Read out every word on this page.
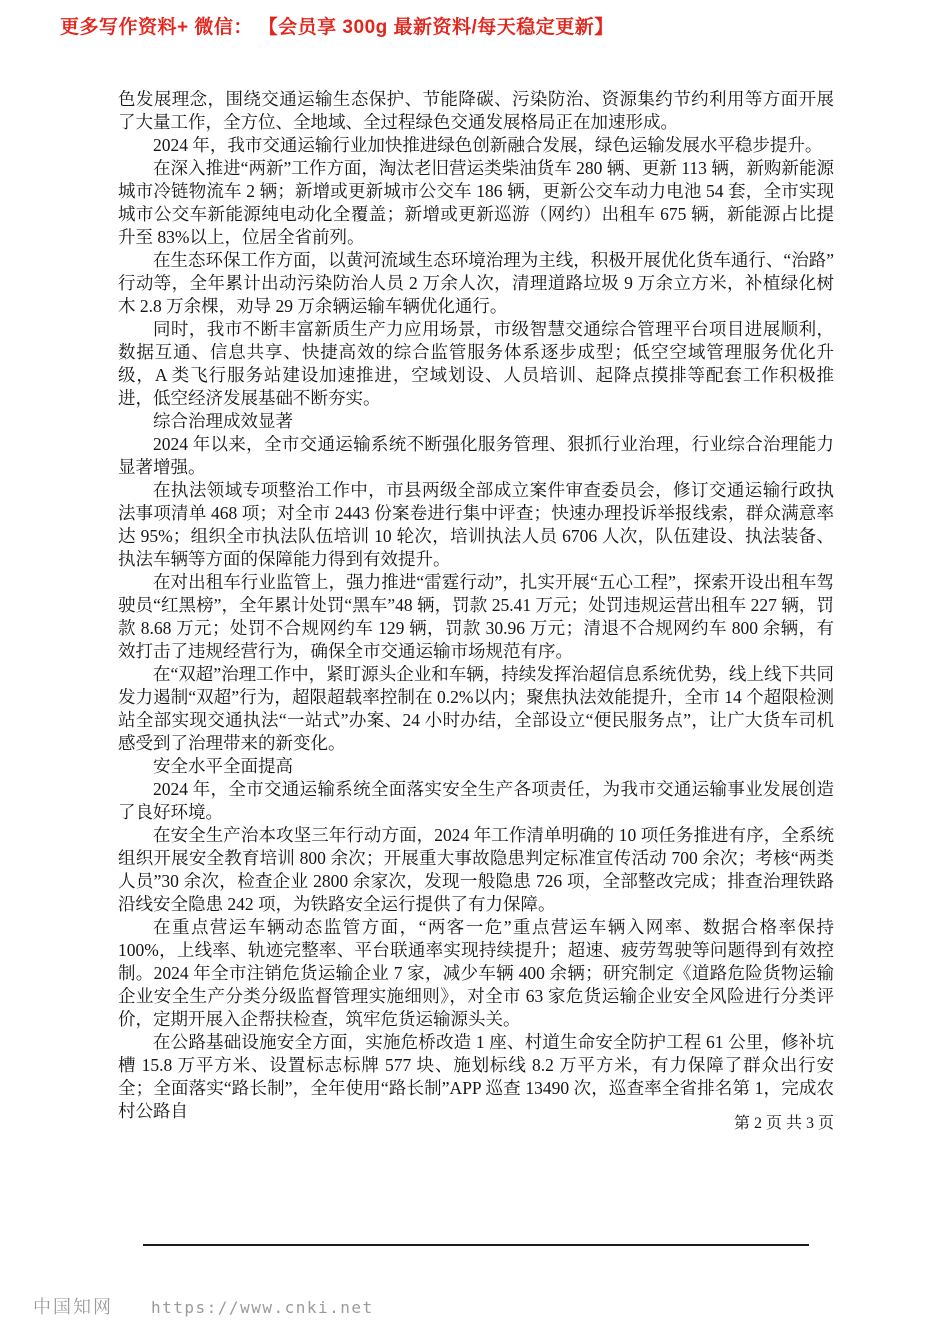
更多写作资料+ 微信： 【会员享 300g 最新资料/每天稳定更新】

色发展理念，围绕交通运输生态保护、节能降碳、污染防治、资源集约节约利用等方面开展了大量工作，全方位、全地域、全过程绿色交通发展格局正在加速形成。

2024 年，我市交通运输行业加快推进绿色创新融合发展，绿色运输发展水平稳步提升。

在深入推进“两新”工作方面，淘汰老旧营运类柴油货车 280 辆、更新 113 辆，新购新能源城市冷链物流车 2 辆；新增或更新城市公交车 186 辆，更新公交车动力电池 54 套，全市实现城市公交车新能源纯电动化全覆盖；新增或更新巡游（网约）出租车 675 辆，新能源占比提升至 83%以上，位居全省前列。

在生态环保工作方面，以黄河流域生态环境治理为主线，积极开展优化货车通行、“治路”行动等，全年累计出动污染防治人员 2 万余人次，清理道路垃圾 9 万余立方米，补植绿化树木 2.8 万余棵，劝导 29 万余辆运输车辆优化通行。

同时，我市不断丰富新质生产力应用场景，市级智慧交通综合管理平台项目进展顺利，数据互通、信息共享、快捷高效的综合监管服务体系逐步成型；低空空域管理服务优化升级，A 类飞行服务站建设加速推进，空域划设、人员培训、起降点摸排等配套工作积极推进，低空经济发展基础不断夯实。

综合治理成效显著

2024 年以来，全市交通运输系统不断强化服务管理、狠抓行业治理，行业综合治理能力显著增强。

在执法领域专项整治工作中，市县两级全部成立案件审查委员会，修订交通运输行政执法事项清单 468 项；对全市 2443 份案卷进行集中评查；快速办理投诉举报线索，群众满意率达 95%；组织全市执法队伍培训 10 轮次，培训执法人员 6706 人次，队伍建设、执法装备、执法车辆等方面的保障能力得到有效提升。

在对出租车行业监管上，强力推进“雷霆行动”，扎实开展“五心工程”，探索开设出租车驾驶员“红黑榜”，全年累计处罚“黑车”48 辆，罚款 25.41 万元；处罚违规运营出租车 227 辆，罚款 8.68 万元；处罚不合规网约车 129 辆，罚款 30.96 万元；清退不合规网约车 800 余辆，有效打击了违规经营行为，确保全市交通运输市场规范有序。

在“双超”治理工作中，紧盯源头企业和车辆，持续发挥治超信息系统优势，线上线下共同发力遏制“双超”行为，超限超载率控制在 0.2%以内；聚焦执法效能提升，全市 14 个超限检测站全部实现交通执法“一站式”办案、24 小时办结，全部设立“便民服务点”，让广大货车司机感受到了治理带来的新变化。

安全水平全面提高

2024 年，全市交通运输系统全面落实安全生产各项责任，为我市交通运输事业发展创造了良好环境。

在安全生产治本攻坚三年行动方面，2024 年工作清单明确的 10 项任务推进有序，全系统组织开展安全教育培训 800 余次；开展重大事故隐患判定标准宣传活动 700 余次；考核“两类人员”30 余次，检查企业 2800 余家次，发现一般隐患 726 项，全部整改完成；排查治理铁路沿线安全隐患 242 项，为铁路安全运行提供了有力保障。

在重点营运车辆动态监管方面，“两客一危”重点营运车辆入网率、数据合格率保持 100%，上线率、轨迹完整率、平台联通率实现持续提升；超速、疲劳驾驶等问题得到有效控制。2024 年全市注销危货运输企业 7 家，减少车辆 400 余辆；研究制定《道路危险货物运输企业安全生产分类分级监督管理实施细则》，对全市 63 家危货运输企业安全风险进行分类评价，定期开展入企帮扶检查，筑牢危货运输源头关。

在公路基础设施安全方面，实施危桥改造 1 座、村道生命安全防护工程 61 公里，修补坑槽 15.8 万平方米、设置标志标牌 577 块、施划标线 8.2 万平方米，有力保障了群众出行安全；全面落实“路长制”，全年使用“路长制”APP 巡查 13490 次，巡查率全省排名第 1，完成农村公路自

第 2 页 共 3 页
中国知网 https://www.cnki.net
